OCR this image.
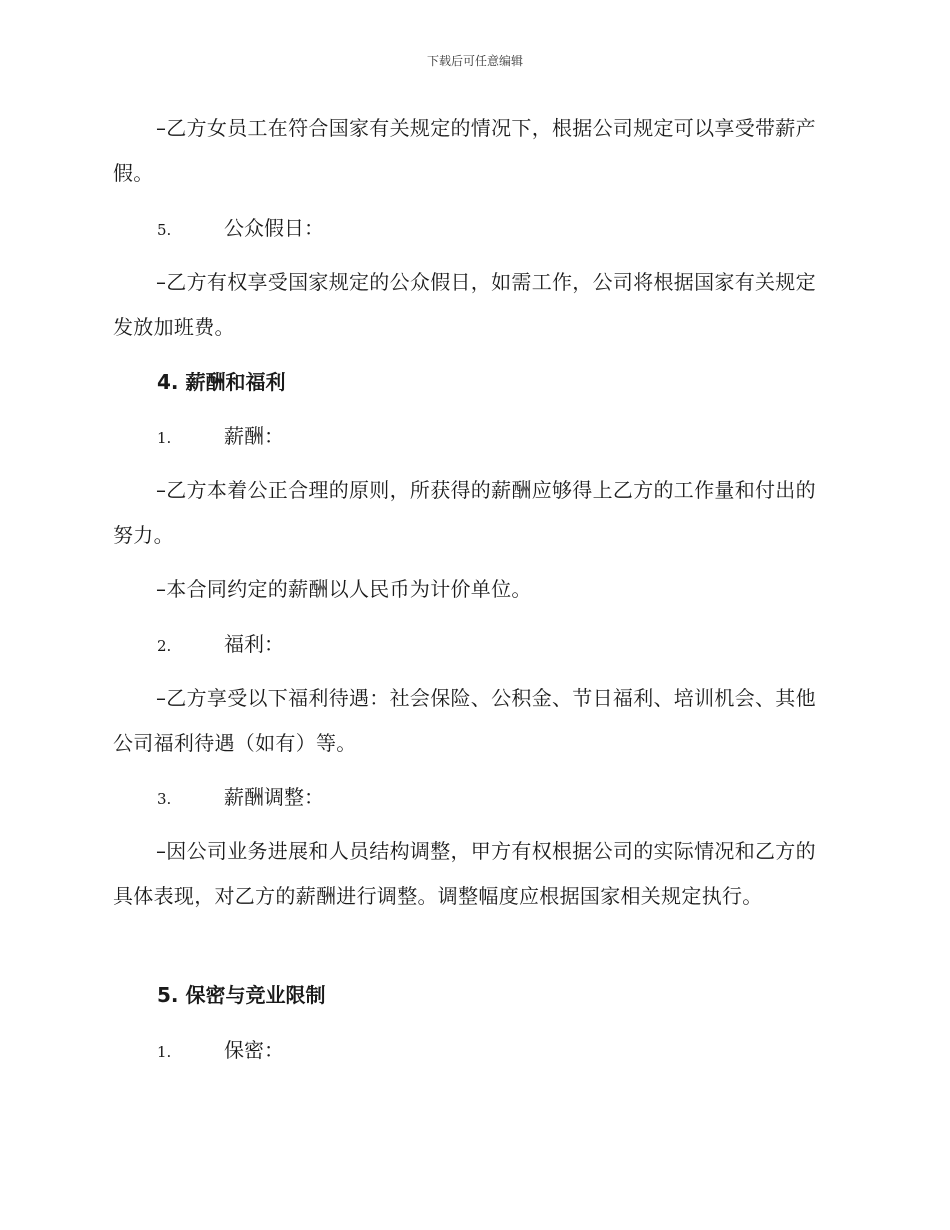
下载后可任意编辑

–乙方女员工在符合国家有关规定的情况下，根据公司规定可以享受带薪产假。

5.	公众假日：

–乙方有权享受国家规定的公众假日，如需工作，公司将根据国家有关规定发放加班费。

4. 薪酬和福利
1.	薪酬：

–乙方本着公正合理的原则，所获得的薪酬应够得上乙方的工作量和付出的努力。

–本合同约定的薪酬以人民币为计价单位。

2.	福利：

–乙方享受以下福利待遇：社会保险、公积金、节日福利、培训机会、其他公司福利待遇（如有）等。

3.	薪酬调整：

–因公司业务进展和人员结构调整，甲方有权根据公司的实际情况和乙方的具体表现，对乙方的薪酬进行调整。调整幅度应根据国家相关规定执行。

5. 保密与竞业限制
1.	保密：
